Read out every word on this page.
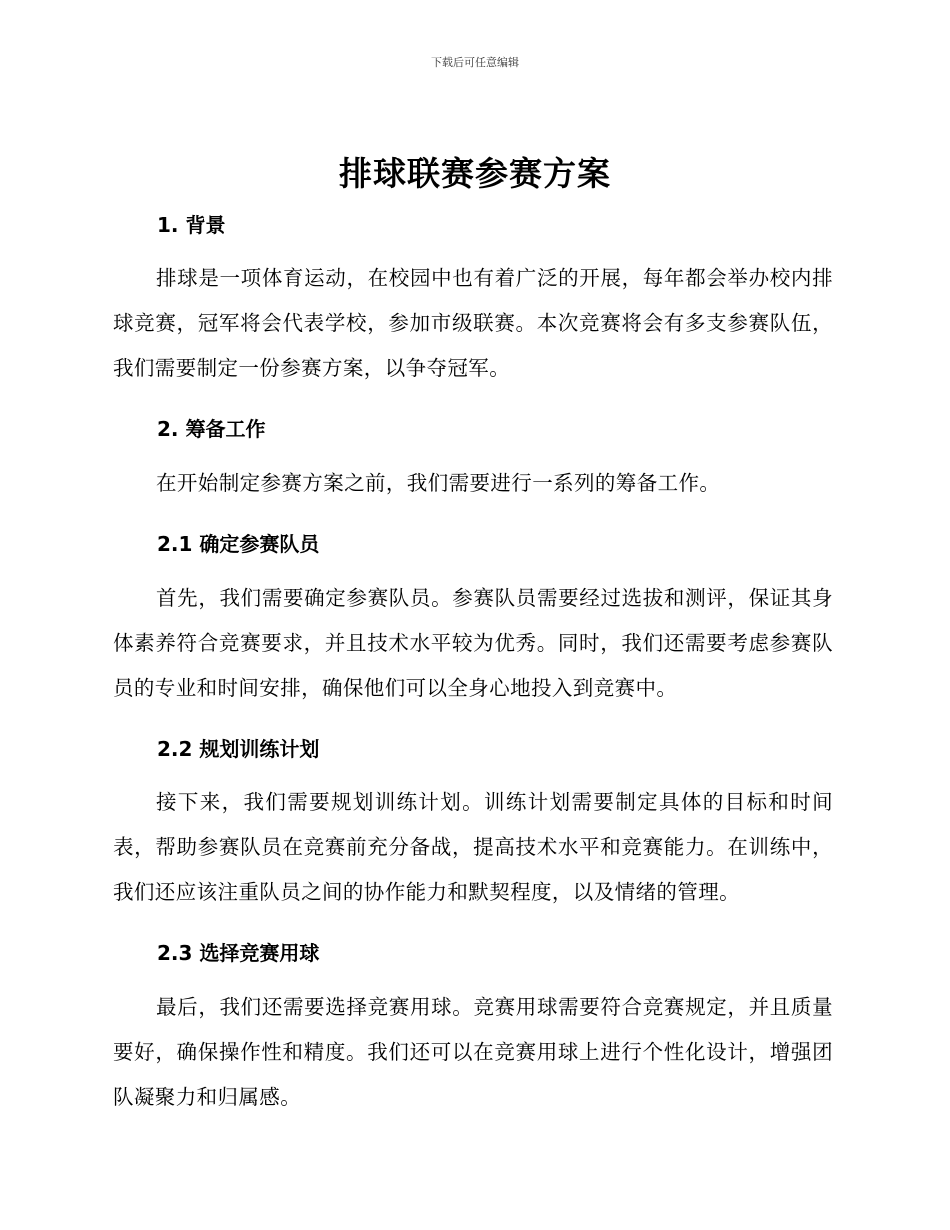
下载后可任意编辑
排球联赛参赛方案
1. 背景
排球是一项体育运动，在校园中也有着广泛的开展，每年都会举办校内排球竞赛，冠军将会代表学校，参加市级联赛。本次竞赛将会有多支参赛队伍，我们需要制定一份参赛方案，以争夺冠军。
2. 筹备工作
在开始制定参赛方案之前，我们需要进行一系列的筹备工作。
2.1 确定参赛队员
首先，我们需要确定参赛队员。参赛队员需要经过选拔和测评，保证其身体素养符合竞赛要求，并且技术水平较为优秀。同时，我们还需要考虑参赛队员的专业和时间安排，确保他们可以全身心地投入到竞赛中。
2.2 规划训练计划
接下来，我们需要规划训练计划。训练计划需要制定具体的目标和时间表，帮助参赛队员在竞赛前充分备战，提高技术水平和竞赛能力。在训练中，我们还应该注重队员之间的协作能力和默契程度，以及情绪的管理。
2.3 选择竞赛用球
最后，我们还需要选择竞赛用球。竞赛用球需要符合竞赛规定，并且质量要好，确保操作性和精度。我们还可以在竞赛用球上进行个性化设计，增强团队凝聚力和归属感。
